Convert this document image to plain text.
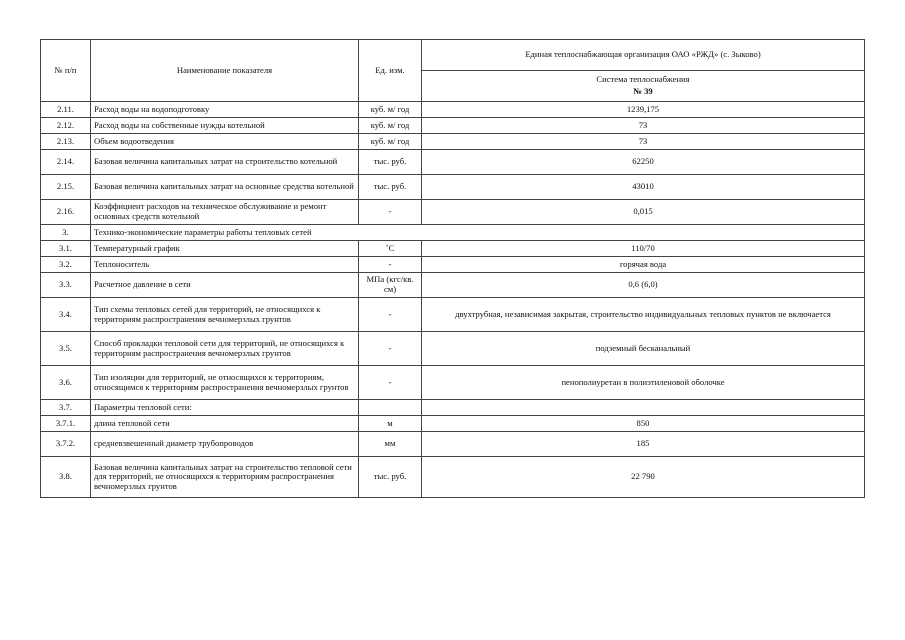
№ п/п	Наименование показателя	Ед. изм.	Единая теплоснабжающая организация ОАО «РЖД» (с. Зыково)
			Система теплоснабжения
№ 39

2.11.	Расход воды на водоподготовку	куб. м/ год	1239,175
2.12.	Расход воды на собственные нужды котельной	куб. м/ год	73
2.13.	Объем водоотведения	куб. м/ год	73
2.14.	Базовая величина капитальных затрат на строительство котельной	тыс. руб.	62250
2.15.	Базовая величина капитальных затрат на основные средства котельной	тыс. руб.	43010
2.16.	Коэффициент расходов на техническое обслуживание и ремонт основных средств котельной	-	0,015
3.	Технико-экономические параметры работы тепловых сетей		
3.1.	Температурный график	˚С	110/70
3.2.	Теплоноситель	-	горячая вода
3.3.	Расчетное давление в сети	МПа (кгс/кв. см)	0,6 (6,0)
3.4.	Тип схемы тепловых сетей для территорий, не относящихся к территориям распространения вечномерзлых грунтов	-	двухтрубная, независимая закрытая, строительство индивидуальных тепловых пунктов не включается
3.5.	Способ прокладки тепловой сети для территорий, не относящихся к территориям распространения вечномерзлых грунтов	-	подземный бесканальный
3.6.	Тип изоляции для территорий, не относящихся к территориям, относящимся к территориям распространения вечномерзлых грунтов	-	пенополиуретан в полиэтиленовой оболочке
3.7.	Параметры тепловой сети:		
3.7.1.	длина тепловой сети	м	850
3.7.2.	средневзвешенный диаметр трубопроводов	мм	185
3.8.	Базовая величина капитальных затрат на строительство тепловой сети для территорий, не относящихся к территориям распространения вечномерзлых грунтов	тыс. руб.	22 790
